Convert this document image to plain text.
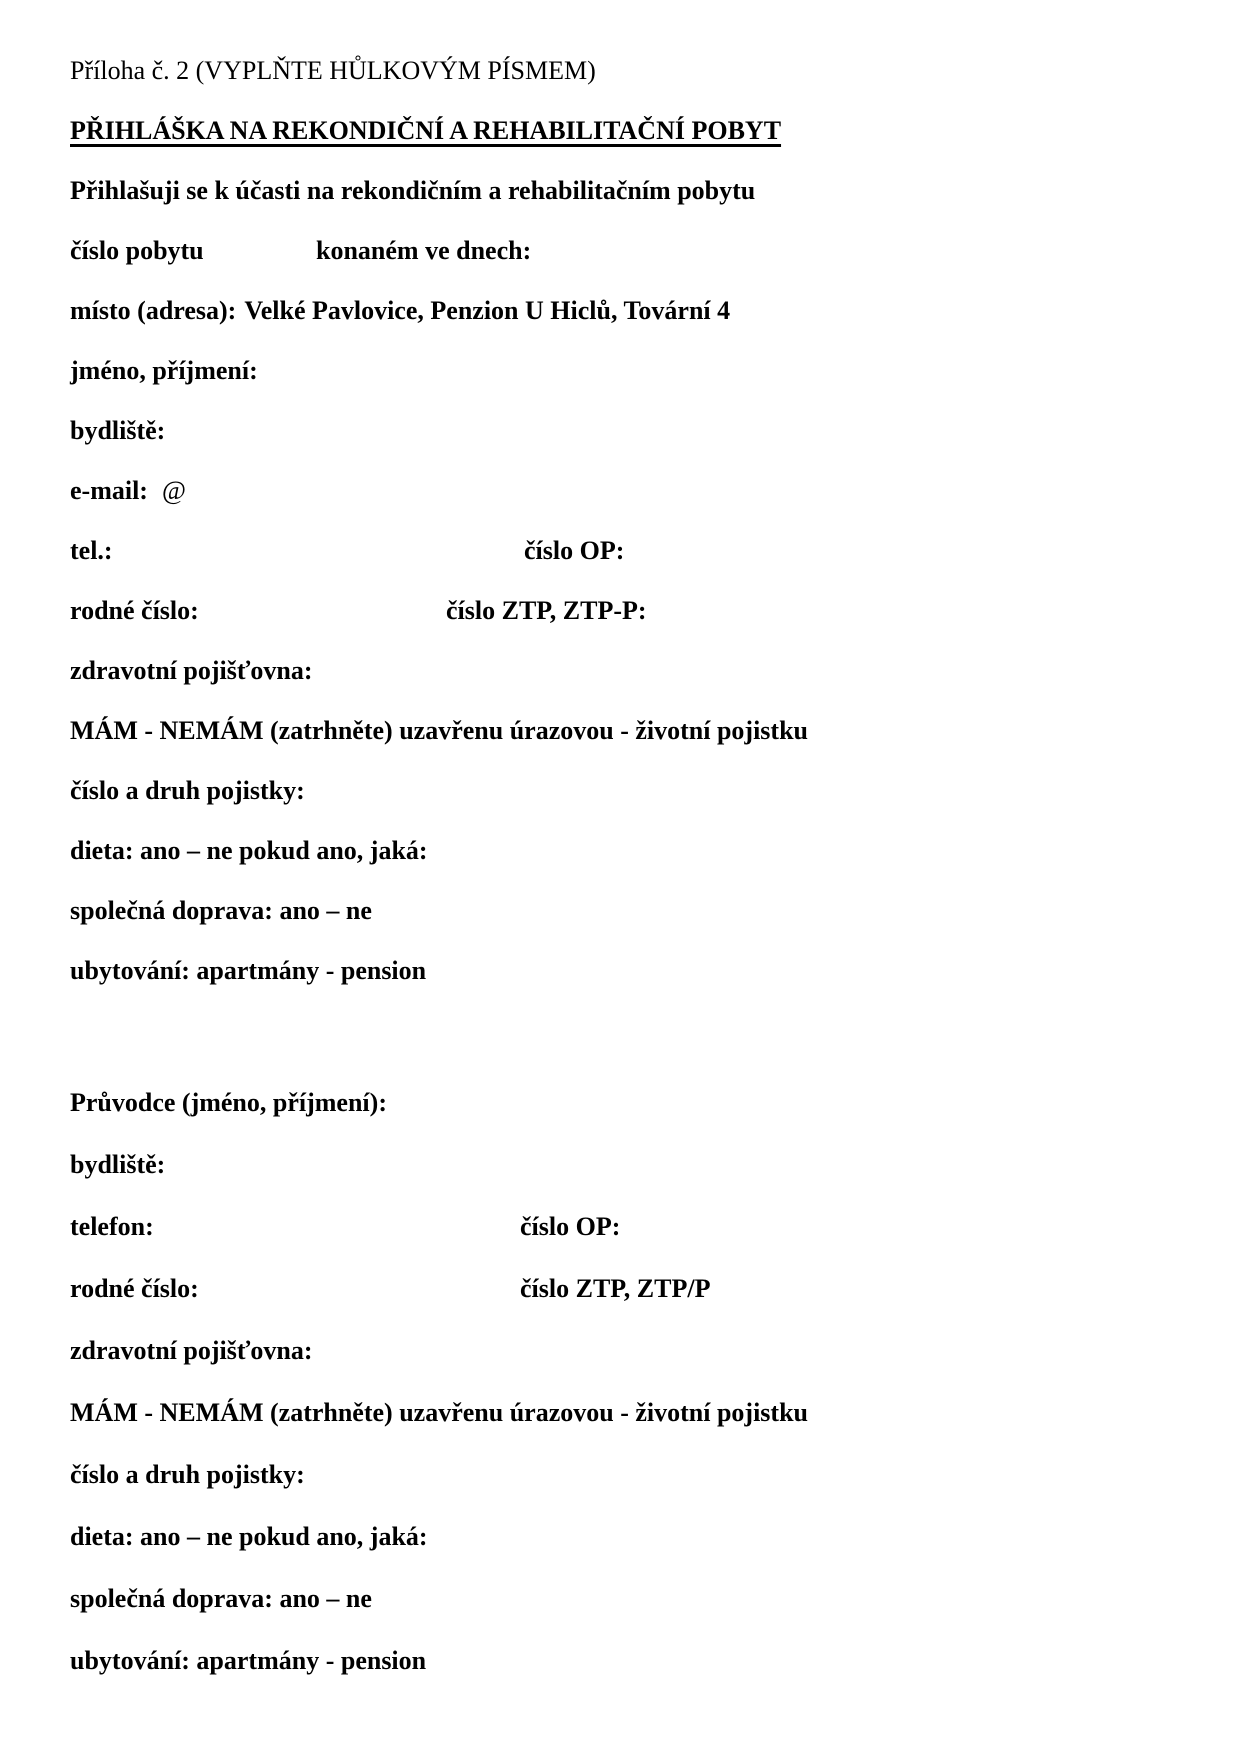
Příloha č. 2 (VYPLŇTE HŮLKOVÝM PÍSMEM)
PŘIHLÁŠKA NA REKONDIČNÍ A REHABILITAČNÍ POBYT
Přihlašuji se k účasti na rekondičním a rehabilitačním pobytu
číslo pobytu	konaném ve dnech:
místo (adresa): Velké Pavlovice, Penzion U Hiclů, Tovární 4
jméno, příjmení:
bydliště:
e-mail: @
tel.:	číslo OP:
rodné číslo:	číslo ZTP, ZTP-P:
zdravotní pojišťovna:
MÁM - NEMÁM (zatrhněte) uzavřenu úrazovou - životní pojistku
číslo a druh pojistky:
dieta: ano – ne pokud ano, jaká:
společná doprava: ano – ne
ubytování: apartmány - pension
Průvodce (jméno, příjmení):
bydliště:
telefon:	číslo OP:
rodné číslo:	číslo ZTP, ZTP/P
zdravotní pojišťovna:
MÁM - NEMÁM (zatrhněte) uzavřenu úrazovou - životní pojistku
číslo a druh pojistky:
dieta: ano – ne pokud ano, jaká:
společná doprava: ano – ne
ubytování: apartmány - pension
